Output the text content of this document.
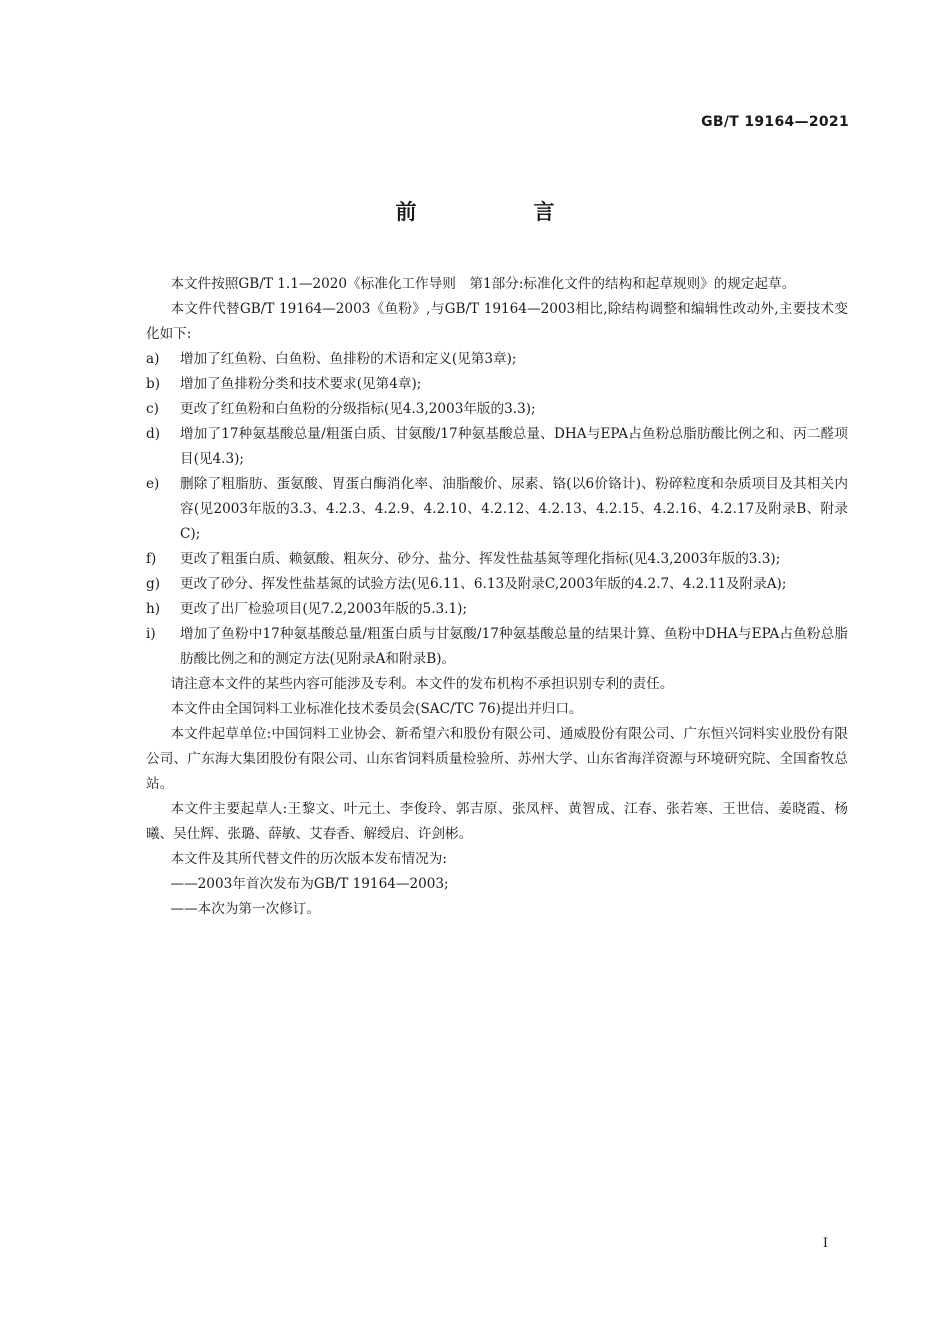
GB/T 19164—2021
前　言

本文件按照GB/T 1.1—2020《标准化工作导则　第1部分:标准化文件的结构和起草规则》的规定起草。

本文件代替GB/T 19164—2003《鱼粉》,与GB/T 19164—2003相比,除结构调整和编辑性改动外,主要技术变化如下:

a) 增加了红鱼粉、白鱼粉、鱼排粉的术语和定义(见第3章);
b) 增加了鱼排粉分类和技术要求(见第4章);
c) 更改了红鱼粉和白鱼粉的分级指标(见4.3,2003年版的3.3);
d) 增加了17种氨基酸总量/粗蛋白质、甘氨酸/17种氨基酸总量、DHA与EPA占鱼粉总脂肪酸比例之和、丙二醛项目(见4.3);
e) 删除了粗脂肪、蛋氨酸、胃蛋白酶消化率、油脂酸价、尿素、铬(以6价铬计)、粉碎粒度和杂质项目及其相关内容(见2003年版的3.3、4.2.3、4.2.9、4.2.10、4.2.12、4.2.13、4.2.15、4.2.16、4.2.17及附录B、附录C);
f) 更改了粗蛋白质、赖氨酸、粗灰分、砂分、盐分、挥发性盐基氮等理化指标(见4.3,2003年版的3.3);
g) 更改了砂分、挥发性盐基氮的试验方法(见6.11、6.13及附录C,2003年版的4.2.7、4.2.11及附录A);
h) 更改了出厂检验项目(见7.2,2003年版的5.3.1);
i) 增加了鱼粉中17种氨基酸总量/粗蛋白质与甘氨酸/17种氨基酸总量的结果计算、鱼粉中DHA与EPA占鱼粉总脂肪酸比例之和的测定方法(见附录A和附录B)。

请注意本文件的某些内容可能涉及专利。本文件的发布机构不承担识别专利的责任。

本文件由全国饲料工业标准化技术委员会(SAC/TC 76)提出并归口。

本文件起草单位:中国饲料工业协会、新希望六和股份有限公司、通威股份有限公司、广东恒兴饲料实业股份有限公司、广东海大集团股份有限公司、山东省饲料质量检验所、苏州大学、山东省海洋资源与环境研究院、全国畜牧总站。

本文件主要起草人:王黎文、叶元土、李俊玲、郭吉原、张凤枰、黄智成、江春、张若寒、王世信、姜晓霞、杨曦、吴仕辉、张璐、薛敏、艾春香、解绶启、许剑彬。

本文件及其所代替文件的历次版本发布情况为:

——2003年首次发布为GB/T 19164—2003;

——本次为第一次修订。

I
